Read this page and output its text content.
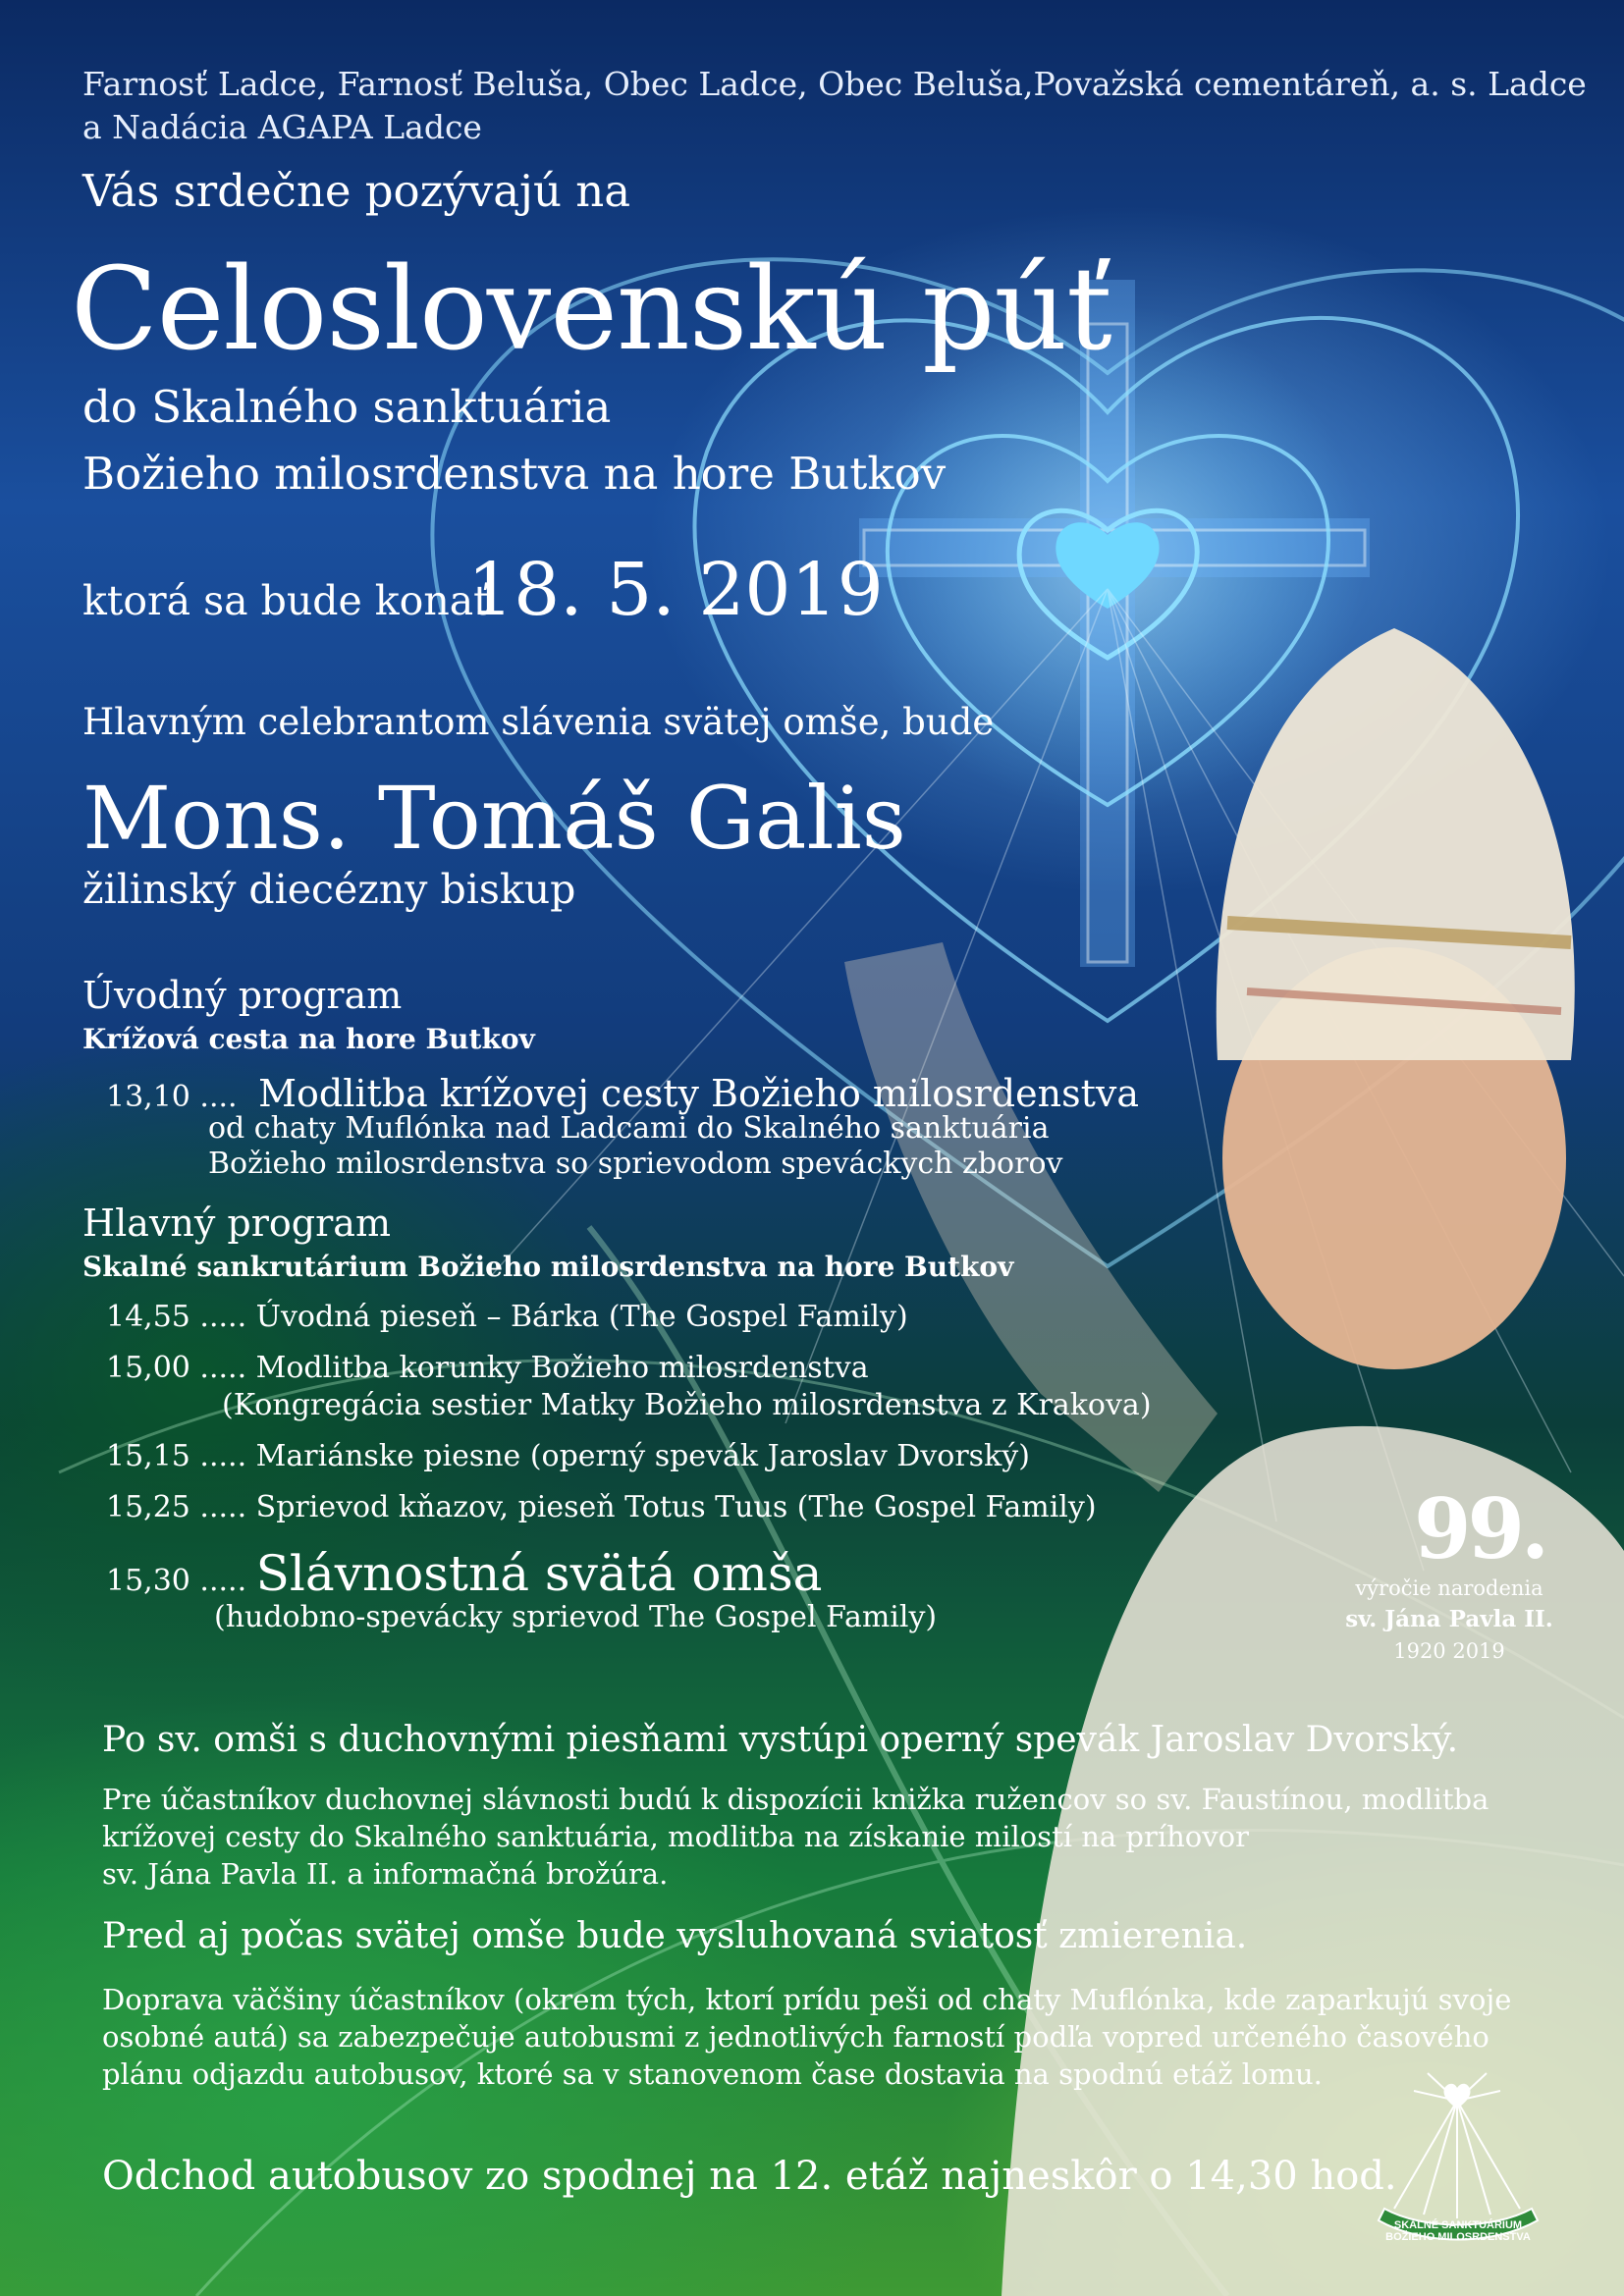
Farnosť Ladce, Farnosť Beluša, Obec Ladce, Obec Beluša,Považská cementáreň, a. s. Ladce
a Nadácia AGAPA Ladce

Vás srdečne pozývajú na

Celoslovenskú púť

do Skalného sanktuária

Božieho milosrdenstva na hore Butkov

ktorá sa bude konať

18. 5. 2019

Hlavným celebrantom slávenia svätej omše, bude

Mons. Tomáš Galis

žilinský diecézny biskup

Úvodný program

Krížová cesta na hore Butkov

13,10 .... Modlitba krížovej cesty Božieho milosrdenstva

od chaty Muflónka nad Ladcami do Skalného sanktuária

Božieho milosrdenstva so sprievodom speváckych zborov

Hlavný program

Skalné sankrutárium Božieho milosrdenstva na hore Butkov

14,55 ..... Úvodná pieseň – Bárka (The Gospel Family)

15,00 ..... Modlitba korunky Božieho milosrdenstva

(Kongregácia sestier Matky Božieho milosrdenstva z Krakova)

15,15 ..... Mariánske piesne (operný spevák Jaroslav Dvorský)

15,25 ..... Sprievod kňazov, pieseň Totus Tuus (The Gospel Family)

15,30 ..... Slávnostná svätá omša

(hudobno-spevácky sprievod The Gospel Family)

99.

výročie narodenia

sv. Jána Pavla II.

1920 2019

Po sv. omši s duchovnými piesňami vystúpi operný spevák Jaroslav Dvorský.

Pre účastníkov duchovnej slávnosti budú k dispozícii knižka ružencov so sv. Faustínou, modlitba
krížovej cesty do Skalného sanktuária, modlitba na získanie milostí na príhovor
sv. Jána Pavla II. a informačná brožúra.

Pred aj počas svätej omše bude vysluhovaná sviatosť zmierenia.

Doprava väčšiny účastníkov (okrem tých, ktorí prídu peši od chaty Muflónka, kde zaparkujú svoje
osobné autá) sa zabezpečuje autobusmi z jednotlivých farností podľa vopred určeného časového
plánu odjazdu autobusov, ktoré sa v stanovenom čase dostavia na spodnú etáž lomu.

Odchod autobusov zo spodnej na 12. etáž najneskôr o 14,30 hod.

SKALNÉ SANKTUÁRIUM
BOŽIEHO MILOSRDENSTVA
